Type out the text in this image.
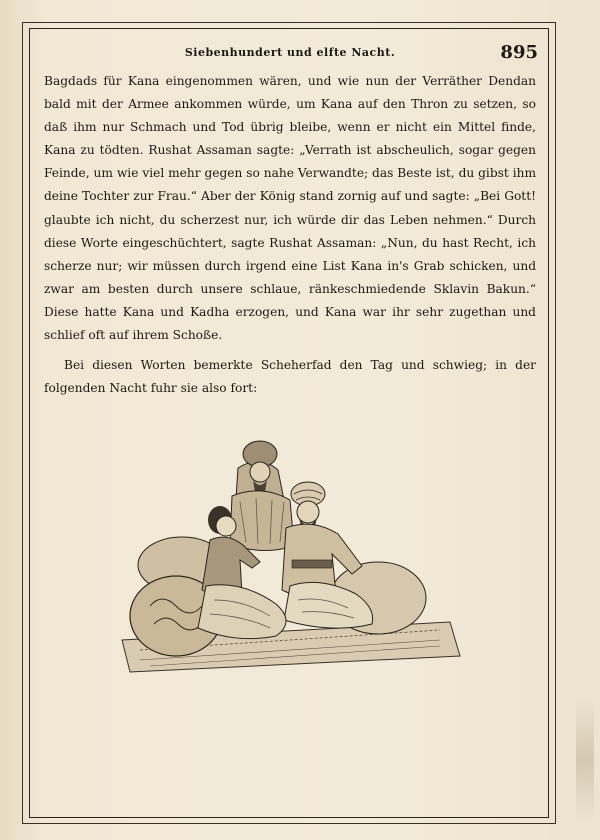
Siebenhundert und elfte Nacht.	895

Bagdads für Kana eingenommen wären, und wie nun der Verräther Dendan bald mit der Armee ankommen würde, um Kana auf den Thron zu setzen, so daß ihm nur Schmach und Tod übrig bleibe, wenn er nicht ein Mittel finde, Kana zu tödten. Rushat Assaman sagte: „Verrath ist abscheulich, sogar gegen Feinde, um wie viel mehr gegen so nahe Verwandte; das Beste ist, du gibst ihm deine Tochter zur Frau.“ Aber der König stand zornig auf und sagte: „Bei Gott! glaubte ich nicht, du scherzest nur, ich würde dir das Leben nehmen.“ Durch diese Worte eingeschüchtert, sagte Rushat Assaman: „Nun, du hast Recht, ich scherze nur; wir müssen durch irgend eine List Kana in's Grab schicken, und zwar am besten durch unsere schlaue, ränkeschmiedende Sklavin Bakun.“ Diese hatte Kana und Kadha erzogen, und Kana war ihr sehr zugethan und schlief oft auf ihrem Schoße.

Bei diesen Worten bemerkte Scheherfad den Tag und schwieg; in der folgenden Nacht fuhr sie also fort:
